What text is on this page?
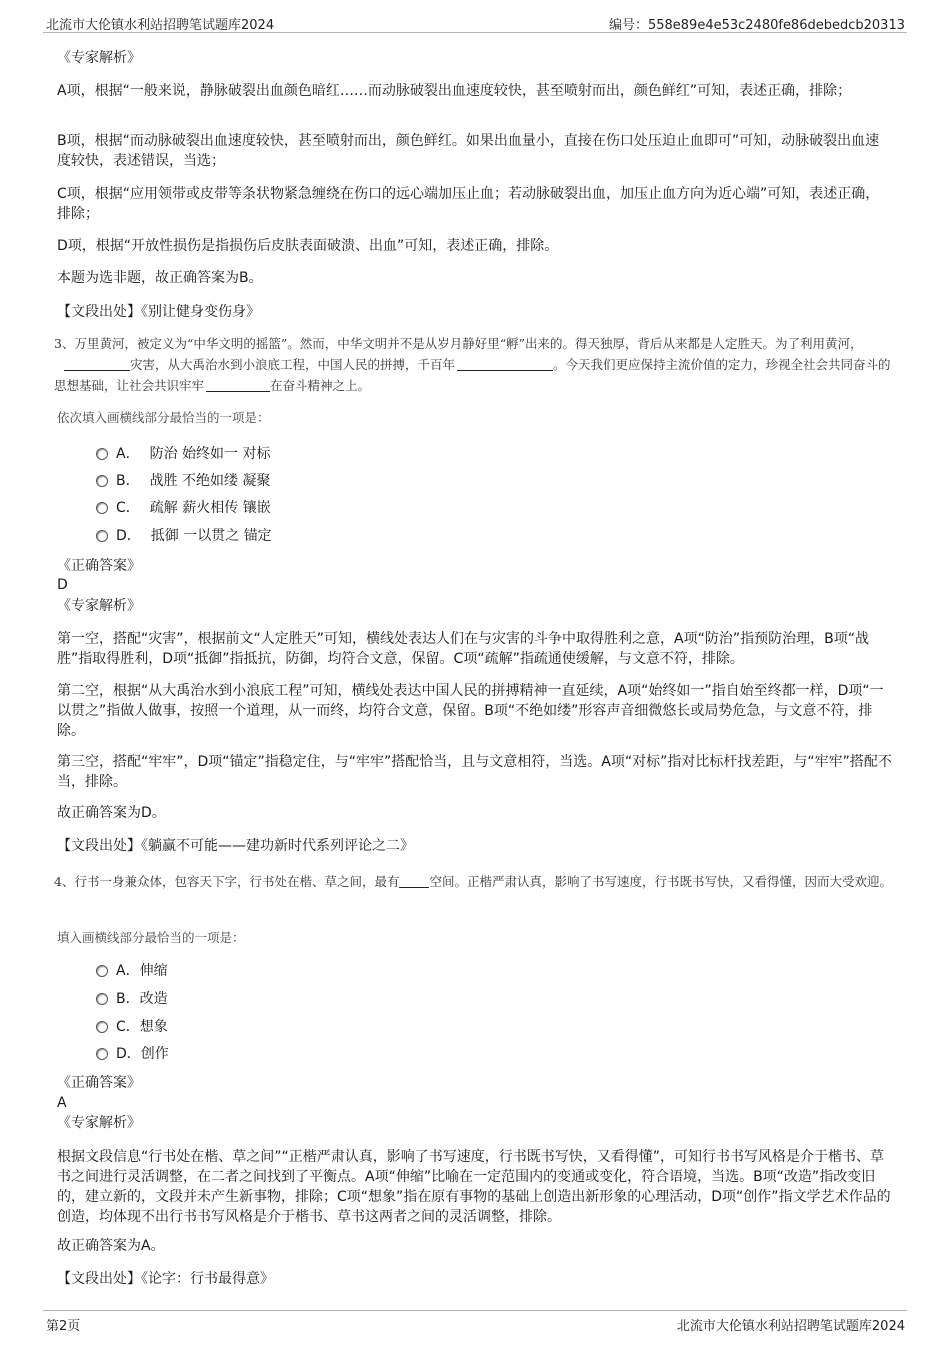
北流市大伦镇水利站招聘笔试题库2024	编号：558e89e4e53c2480fe86debedcb20313

《专家解析》

A项，根据“一般来说，静脉破裂出血颜色暗红……而动脉破裂出血速度较快，甚至喷射而出，颜色鲜红”可知，表述正确，排除；

B项，根据“而动脉破裂出血速度较快，甚至喷射而出，颜色鲜红。如果出血量小，直接在伤口处压迫止血即可”可知，动脉破裂出血速度较快，表述错误，当选；

C项，根据“应用领带或皮带等条状物紧急缠绕在伤口的远心端加压止血；若动脉破裂出血，加压止血方向为近心端”可知，表述正确，排除；

D项，根据“开放性损伤是指损伤后皮肤表面破溃、出血”可知，表述正确，排除。

本题为选非题，故正确答案为B。

【文段出处】《别让健身变伤身》

3、万里黄河，被定义为“中华文明的摇篮”。然而，中华文明并不是从岁月静好里“孵”出来的。得天独厚，背后从来都是人定胜天。为了利用黄河，灾害，从大禹治水到小浪底工程，中国人民的拼搏，千百年	。今天我们更应保持主流价值的定力，珍视全社会共同奋斗的思想基础，让社会共识牢牢	在奋斗精神之上。

依次填入画横线部分最恰当的一项是：

A． 防治 始终如一 对标
B． 战胜 不绝如缕 凝聚
C． 疏解 薪火相传 镶嵌
D． 抵御 一以贯之 锚定

《正确答案》

D

《专家解析》

第一空，搭配“灾害”，根据前文“人定胜天”可知，横线处表达人们在与灾害的斗争中取得胜利之意，A项“防治”指预防治理，B项“战胜”指取得胜利，D项“抵御”指抵抗，防御，均符合文意，保留。C项“疏解”指疏通使缓解，与文意不符，排除。

第二空，根据“从大禹治水到小浪底工程”可知，横线处表达中国人民的拼搏精神一直延续，A项“始终如一”指自始至终都一样，D项“一以贯之”指做人做事，按照一个道理，从一而终，均符合文意，保留。B项“不绝如缕”形容声音细微悠长或局势危急，与文意不符，排除。

第三空，搭配“牢牢”，D项“锚定”指稳定住，与“牢牢”搭配恰当，且与文意相符，当选。A项“对标”指对比标杆找差距，与“牢牢”搭配不当，排除。

故正确答案为D。

【文段出处】《躺赢不可能——建功新时代系列评论之二》

4、行书一身兼众体，包容天下字，行书处在楷、草之间，最有 空间。正楷严肃认真，影响了书写速度，行书既书写快，又看得懂，因而大受欢迎。

填入画横线部分最恰当的一项是：

A．伸缩
B．改造
C．想象
D．创作

《正确答案》

A

《专家解析》

根据文段信息“行书处在楷、草之间”“正楷严肃认真，影响了书写速度，行书既书写快，又看得懂”，可知行书书写风格是介于楷书、草书之间进行灵活调整，在二者之间找到了平衡点。A项“伸缩”比喻在一定范围内的变通或变化，符合语境，当选。B项“改造”指改变旧的，建立新的，文段并未产生新事物，排除；C项“想象”指在原有事物的基础上创造出新形象的心理活动，D项“创作”指文学艺术作品的创造，均体现不出行书书写风格是介于楷书、草书这两者之间的灵活调整，排除。

故正确答案为A。

【文段出处】《论字：行书最得意》

第2页	北流市大伦镇水利站招聘笔试题库2024
